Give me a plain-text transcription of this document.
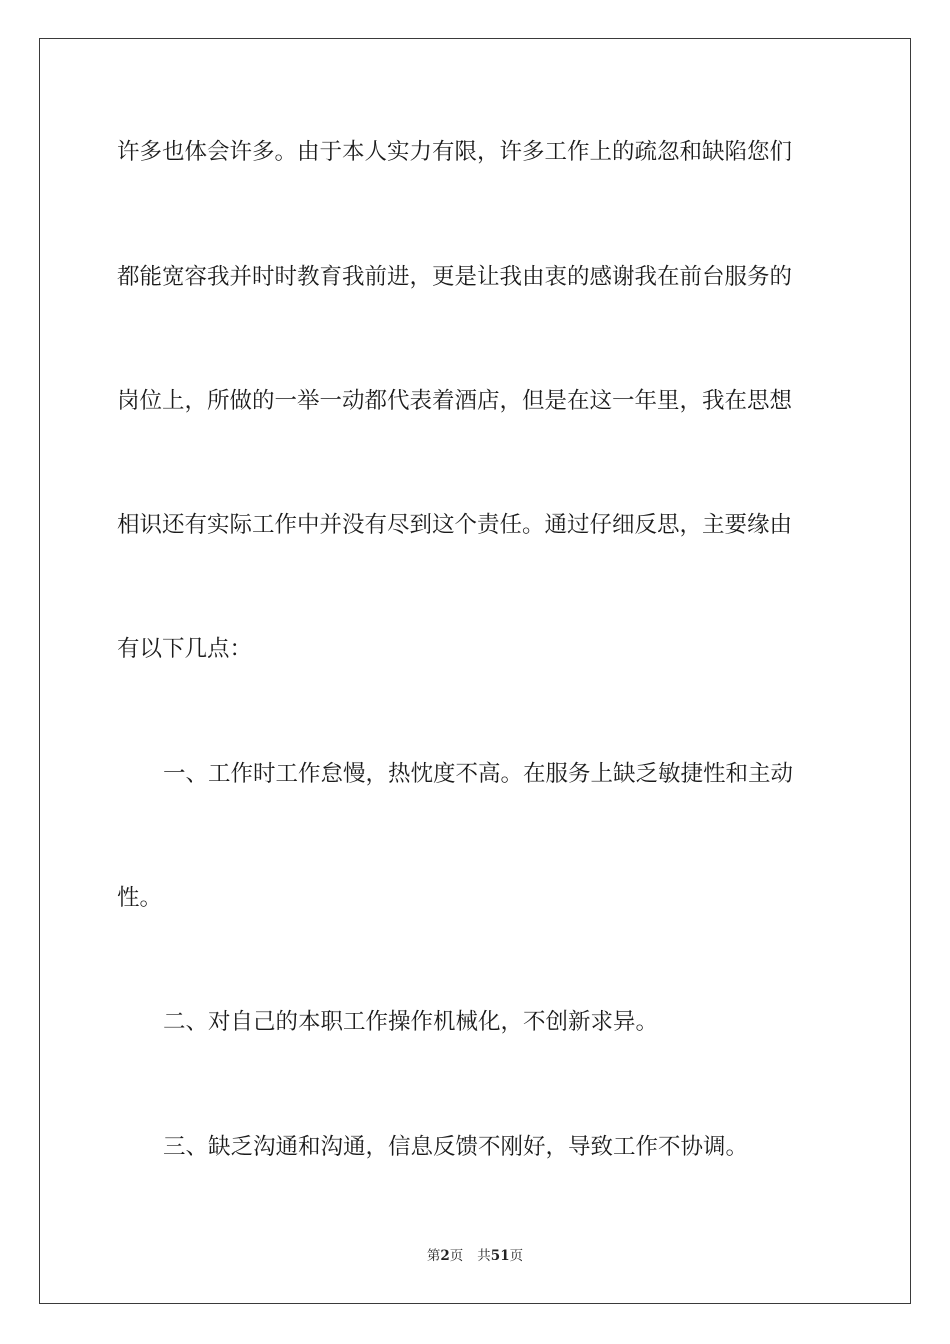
许多也体会许多。由于本人实力有限，许多工作上的疏忽和缺陷您们
都能宽容我并时时教育我前进，更是让我由衷的感谢我在前台服务的
岗位上，所做的一举一动都代表着酒店，但是在这一年里，我在思想
相识还有实际工作中并没有尽到这个责任。通过仔细反思，主要缘由
有以下几点：
一、工作时工作怠慢，热忱度不高。在服务上缺乏敏捷性和主动
性。
二、对自己的本职工作操作机械化，不创新求异。
三、缺乏沟通和沟通，信息反馈不刚好，导致工作不协调。
第2页 共51页
